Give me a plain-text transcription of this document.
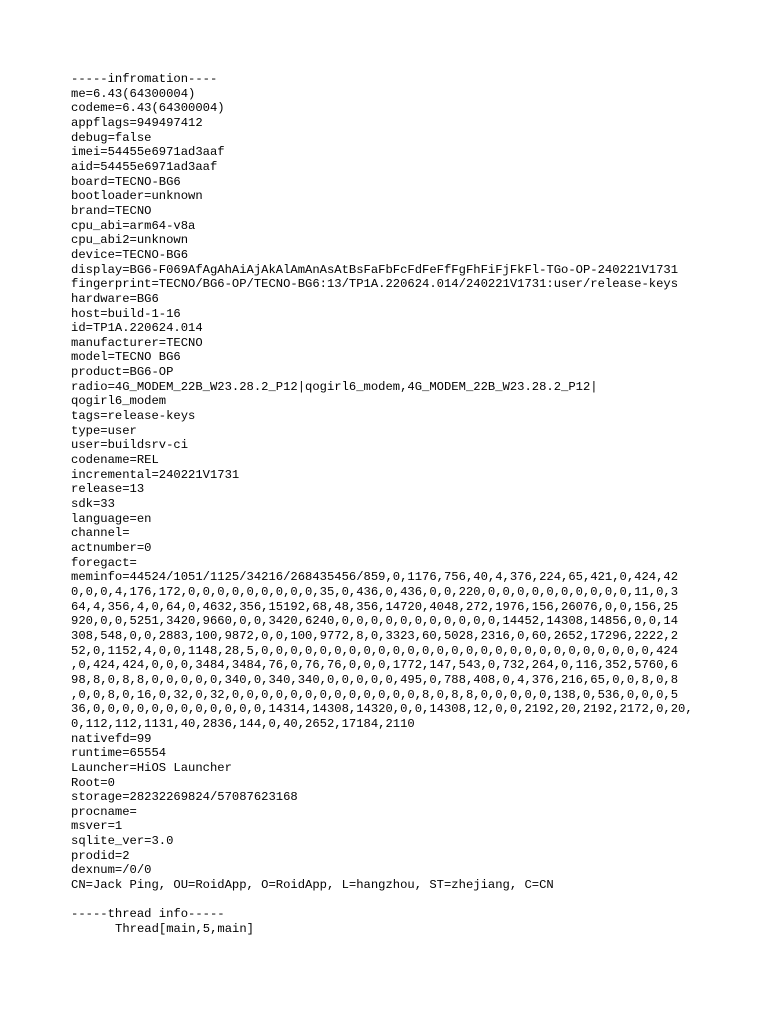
-----infromation----
me=6.43(64300004)
codeme=6.43(64300004)
appflags=949497412
debug=false
imei=54455e6971ad3aaf
aid=54455e6971ad3aaf
board=TECNO-BG6
bootloader=unknown
brand=TECNO
cpu_abi=arm64-v8a
cpu_abi2=unknown
device=TECNO-BG6
display=BG6-F069AfAgAhAiAjAkAlAmAnAsAtBsFaFbFcFdFeFfFgFhFiFjFkFl-TGo-OP-240221V1731
fingerprint=TECNO/BG6-OP/TECNO-BG6:13/TP1A.220624.014/240221V1731:user/release-keys
hardware=BG6
host=build-1-16
id=TP1A.220624.014
manufacturer=TECNO
model=TECNO BG6
product=BG6-OP
radio=4G_MODEM_22B_W23.28.2_P12|qogirl6_modem,4G_MODEM_22B_W23.28.2_P12|
qogirl6_modem
tags=release-keys
type=user
user=buildsrv-ci
codename=REL
incremental=240221V1731
release=13
sdk=33
language=en
channel=
actnumber=0
foregact=
meminfo=44524/1051/1125/34216/268435456/859,0,1176,756,40,4,376,224,65,421,0,424,42
0,0,0,4,176,172,0,0,0,0,0,0,0,0,0,35,0,436,0,436,0,0,220,0,0,0,0,0,0,0,0,0,0,11,0,3
64,4,356,4,0,64,0,4632,356,15192,68,48,356,14720,4048,272,1976,156,26076,0,0,156,25
920,0,0,5251,3420,9660,0,0,3420,6240,0,0,0,0,0,0,0,0,0,0,0,14452,14308,14856,0,0,14
308,548,0,0,2883,100,9872,0,0,100,9772,8,0,3323,60,5028,2316,0,60,2652,17296,2222,2
52,0,1152,4,0,0,1148,28,5,0,0,0,0,0,0,0,0,0,0,0,0,0,0,0,0,0,0,0,0,0,0,0,0,0,0,0,424
,0,424,424,0,0,0,3484,3484,76,0,76,76,0,0,0,1772,147,543,0,732,264,0,116,352,5760,6
98,8,0,8,8,0,0,0,0,0,340,0,340,340,0,0,0,0,0,495,0,788,408,0,4,376,216,65,0,0,8,0,8
,0,0,8,0,16,0,32,0,32,0,0,0,0,0,0,0,0,0,0,0,0,0,8,0,8,8,0,0,0,0,0,138,0,536,0,0,0,5
36,0,0,0,0,0,0,0,0,0,0,0,0,14314,14308,14320,0,0,14308,12,0,0,2192,20,2192,2172,0,20,
0,112,112,1131,40,2836,144,0,40,2652,17184,2110
nativefd=99
runtime=65554
Launcher=HiOS Launcher
Root=0
storage=28232269824/57087623168
procname=
msver=1
sqlite_ver=3.0
prodid=2
dexnum=/0/0
CN=Jack Ping, OU=RoidApp, O=RoidApp, L=hangzhou, ST=zhejiang, C=CN
-----thread info-----
Thread[main,5,main]
